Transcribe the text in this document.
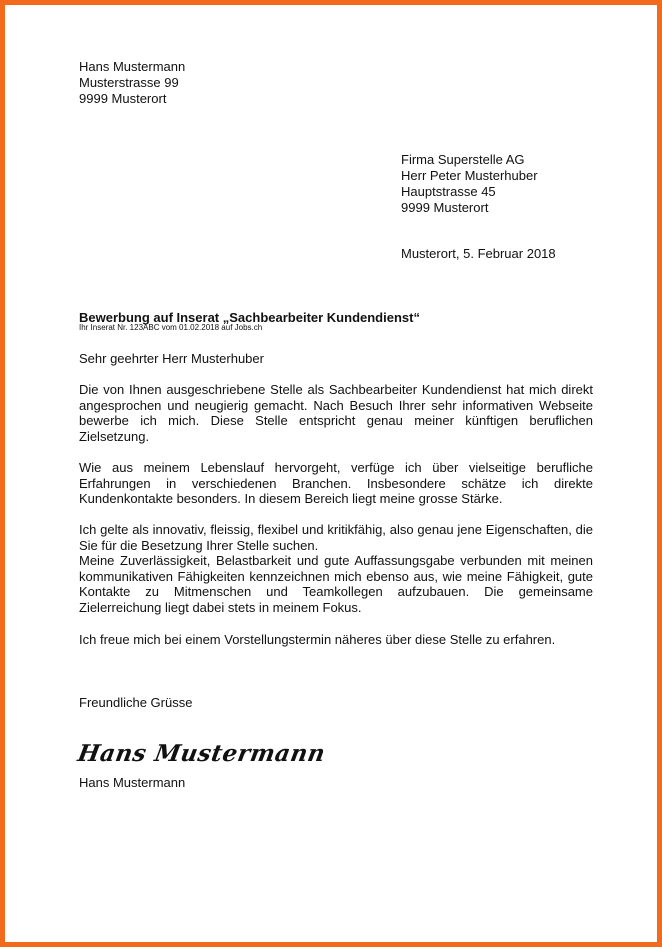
Hans Mustermann
Musterstrasse 99
9999 Musterort
Firma Superstelle AG
Herr Peter Musterhuber
Hauptstrasse 45
9999 Musterort
Musterort, 5. Februar 2018
Bewerbung auf Inserat „Sachbearbeiter Kundendienst“
Ihr Inserat Nr. 123ABC vom 01.02.2018 auf Jobs.ch
Sehr geehrter Herr Musterhuber
Die von Ihnen ausgeschriebene Stelle als Sachbearbeiter Kundendienst hat mich direkt angesprochen und neugierig gemacht. Nach Besuch Ihrer sehr informativen Webseite bewerbe ich mich. Diese Stelle entspricht genau meiner künftigen beruflichen Zielsetzung.
Wie aus meinem Lebenslauf hervorgeht, verfüge ich über vielseitige berufliche Erfahrungen in verschiedenen Branchen. Insbesondere schätze ich direkte Kundenkontakte besonders. In diesem Bereich liegt meine grosse Stärke.
Ich gelte als innovativ, fleissig, flexibel und kritikfähig, also genau jene Eigenschaften, die Sie für die Besetzung Ihrer Stelle suchen.
Meine Zuverlässigkeit, Belastbarkeit und gute Auffassungsgabe verbunden mit meinen kommunikativen Fähigkeiten kennzeichnen mich ebenso aus, wie meine Fähigkeit, gute Kontakte zu Mitmenschen und Teamkollegen aufzubauen. Die gemeinsame Zielerreichung liegt dabei stets in meinem Fokus.
Ich freue mich bei einem Vorstellungstermin näheres über diese Stelle zu erfahren.
Freundliche Grüsse
Hans Mustermann
Hans Mustermann
